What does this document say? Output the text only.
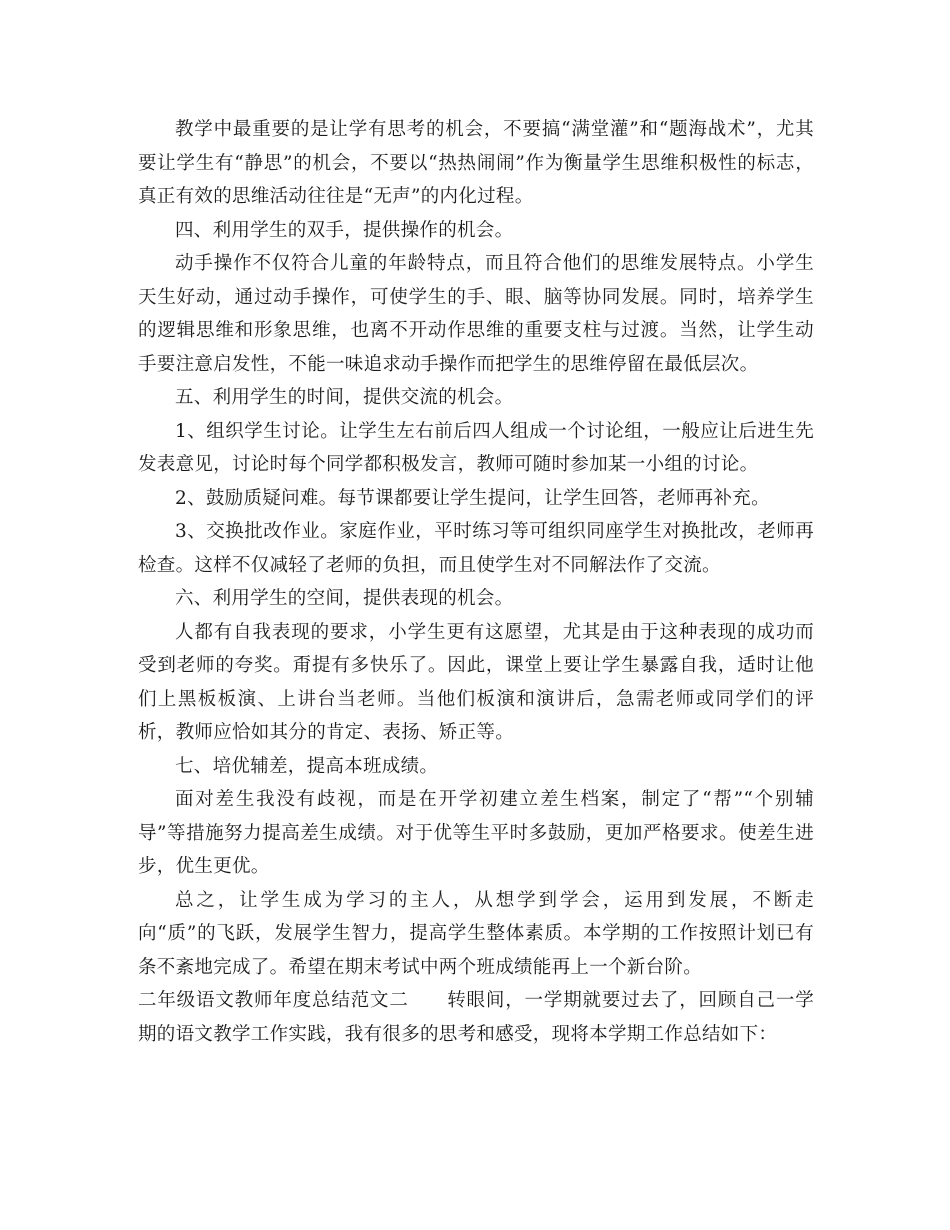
教学中最重要的是让学有思考的机会，不要搞“满堂灌”和“题海战术”，尤其要让学生有“静思”的机会，不要以“热热闹闹”作为衡量学生思维积极性的标志，真正有效的思维活动往往是“无声”的内化过程。

四、利用学生的双手，提供操作的机会。

动手操作不仅符合儿童的年龄特点，而且符合他们的思维发展特点。小学生天生好动，通过动手操作，可使学生的手、眼、脑等协同发展。同时，培养学生的逻辑思维和形象思维，也离不开动作思维的重要支柱与过渡。当然，让学生动手要注意启发性，不能一味追求动手操作而把学生的思维停留在最低层次。

五、利用学生的时间，提供交流的机会。

1、组织学生讨论。让学生左右前后四人组成一个讨论组，一般应让后进生先发表意见，讨论时每个同学都积极发言，教师可随时参加某一小组的讨论。

2、鼓励质疑问难。每节课都要让学生提问，让学生回答，老师再补充。

3、交换批改作业。家庭作业，平时练习等可组织同座学生对换批改，老师再检查。这样不仅减轻了老师的负担，而且使学生对不同解法作了交流。

六、利用学生的空间，提供表现的机会。

人都有自我表现的要求，小学生更有这愿望，尤其是由于这种表现的成功而受到老师的夸奖。甭提有多快乐了。因此，课堂上要让学生暴露自我，适时让他们上黑板板演、上讲台当老师。当他们板演和演讲后，急需老师或同学们的评析，教师应恰如其分的肯定、表扬、矫正等。

七、培优辅差，提高本班成绩。

面对差生我没有歧视，而是在开学初建立差生档案，制定了“帮”“个别辅导”等措施努力提高差生成绩。对于优等生平时多鼓励，更加严格要求。使差生进步，优生更优。

总之，让学生成为学习的主人，从想学到学会，运用到发展，不断走向“质”的飞跃，发展学生智力，提高学生整体素质。本学期的工作按照计划已有条不紊地完成了。希望在期末考试中两个班成绩能再上一个新台阶。

二年级语文教师年度总结范文二 转眼间，一学期就要过去了，回顾自己一学期的语文教学工作实践，我有很多的思考和感受，现将本学期工作总结如下：
